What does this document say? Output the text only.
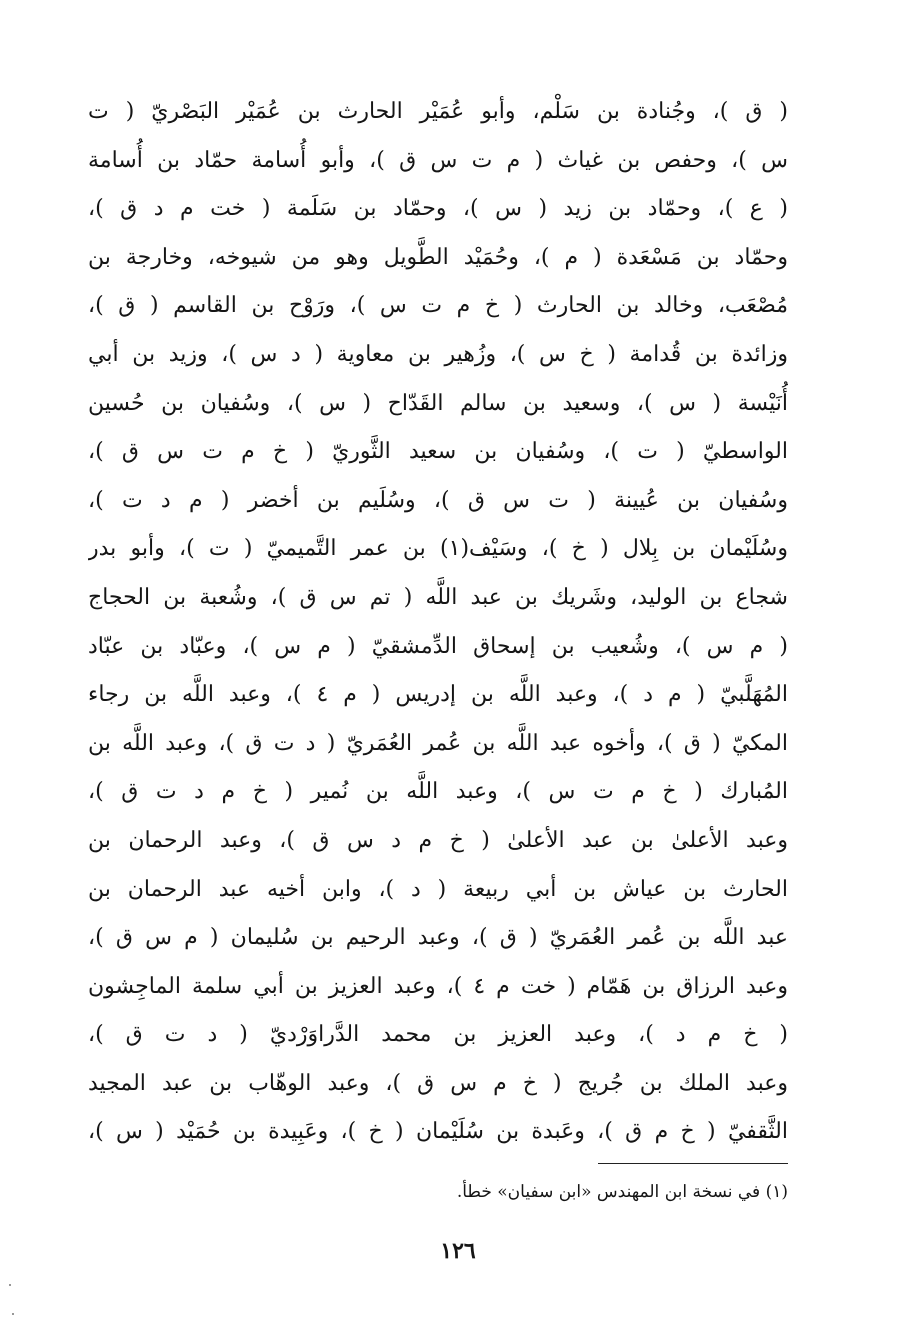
( ق )، وجُنادة بن سَلْم، وأبو عُمَيْر الحارث بن عُمَيْر البَصْريّ ( ت
س )، وحفص بن غياث ( م ت س ق )، وأبو أُسامة حمّاد بن أُسامة
( ع )، وحمّاد بن زيد ( س )، وحمّاد بن سَلَمة ( خت م د ق )،
وحمّاد بن مَسْعَدة ( م )، وحُمَيْد الطَّويل وهو من شيوخه، وخارجة بن
مُصْعَب، وخالد بن الحارث ( خ م ت س )، ورَوْح بن القاسم ( ق )،
وزائدة بن قُدامة ( خ س )، وزُهير بن معاوية ( د س )، وزيد بن أبي
أُنَيْسة ( س )، وسعيد بن سالم القَدّاح ( س )، وسُفيان بن حُسين
الواسطيّ ( ت )، وسُفيان بن سعيد الثَّوريّ ( خ م ت س ق )،
وسُفيان بن عُيينة ( ت س ق )، وسُلَيم بن أخضر ( م د ت )،
وسُلَيْمان بن بِلال ( خ )، وسَيْف(١) بن عمر التَّميميّ ( ت )، وأبو بدر
شجاع بن الوليد، وشَريك بن عبد اللَّه ( تم س ق )، وشُعبة بن الحجاج
( م س )، وشُعيب بن إسحاق الدِّمشقيّ ( م س )، وعبّاد بن عبّاد
المُهَلَّبيّ ( م د )، وعبد اللَّه بن إدريس ( م ٤ )، وعبد اللَّه بن رجاء
المكيّ ( ق )، وأخوه عبد اللَّه بن عُمر العُمَريّ ( د ت ق )، وعبد اللَّه بن
المُبارك ( خ م ت س )، وعبد اللَّه بن نُمير ( خ م د ت ق )،
وعبد الأعلىٰ بن عبد الأعلىٰ ( خ م د س ق )، وعبد الرحمان بن
الحارث بن عياش بن أبي ربيعة ( د )، وابن أخيه عبد الرحمان بن
عبد اللَّه بن عُمر العُمَريّ ( ق )، وعبد الرحيم بن سُليمان ( م س ق )،
وعبد الرزاق بن هَمّام ( خت م ٤ )، وعبد العزيز بن أبي سلمة الماجِشون
( خ م د )، وعبد العزيز بن محمد الدَّراوَرْديّ ( د ت ق )،
وعبد الملك بن جُريج ( خ م س ق )، وعبد الوهّاب بن عبد المجيد
الثَّقفيّ ( خ م ق )، وعَبدة بن سُلَيْمان ( خ )، وعَبِيدة بن حُمَيْد ( س )،
(١) في نسخة ابن المهندس «ابن سفيان» خطأ.
١٢٦
